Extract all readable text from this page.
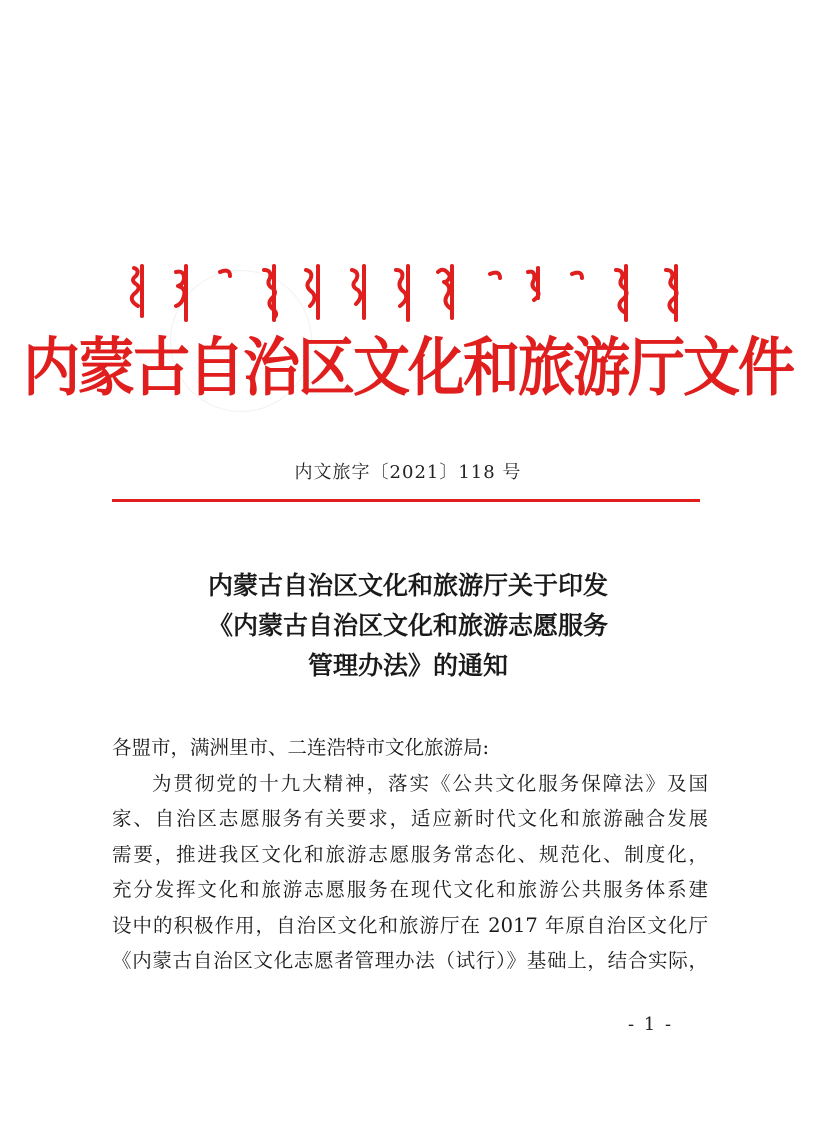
内蒙古自治区文化和旅游厅文件
内文旅字〔2021〕118 号
内蒙古自治区文化和旅游厅关于印发
《内蒙古自治区文化和旅游志愿服务
管理办法》的通知

各盟市，满洲里市、二连浩特市文化旅游局:

为贯彻党的十九大精神，落实《公共文化服务保障法》及国

家、自治区志愿服务有关要求，适应新时代文化和旅游融合发展

需要，推进我区文化和旅游志愿服务常态化、规范化、制度化，

充分发挥文化和旅游志愿服务在现代文化和旅游公共服务体系建

设中的积极作用，自治区文化和旅游厅在 2017 年原自治区文化厅

《内蒙古自治区文化志愿者管理办法（试行）》基础上，结合实际，

- 1 -
